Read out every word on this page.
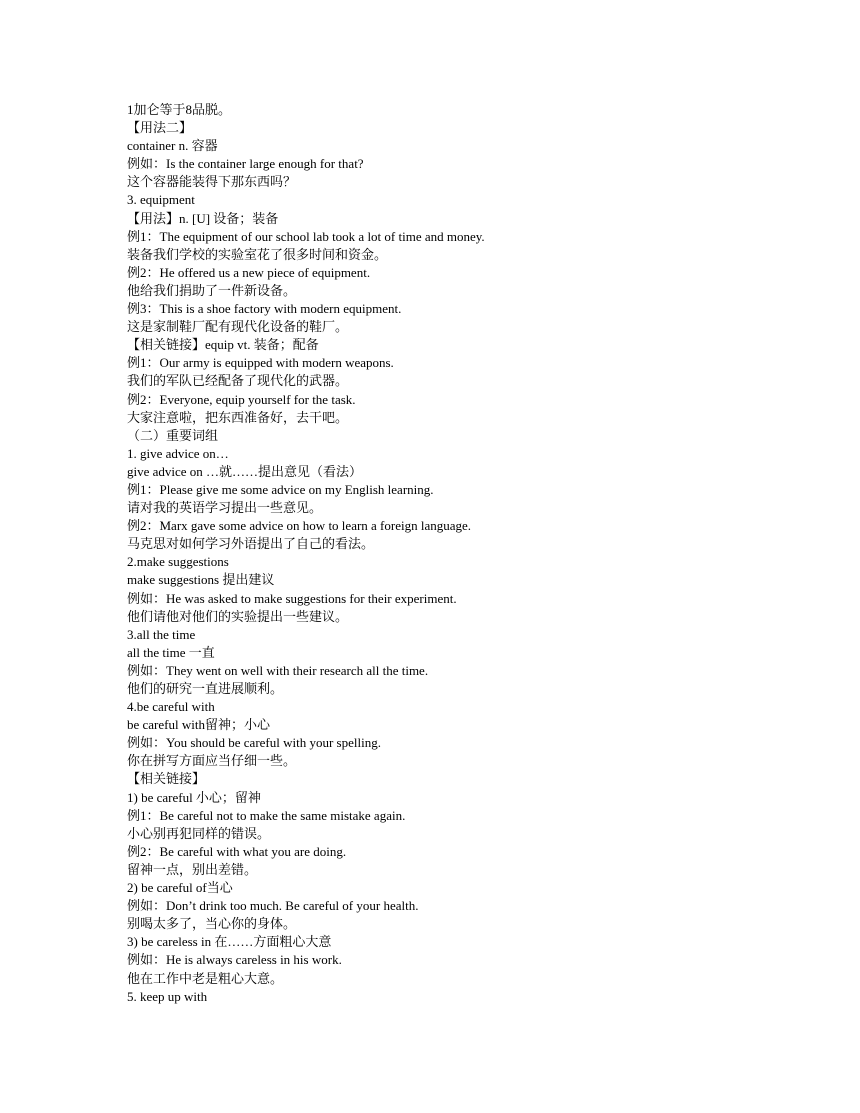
1加仑等于8品脱。
【用法二】
container n. 容器
例如：Is the container large enough for that?
这个容器能装得下那东西吗？
3. equipment
【用法】n. [U] 设备；装备
例1：The equipment of our school lab took a lot of time and money.
装备我们学校的实验室花了很多时间和资金。
例2：He offered us a new piece of equipment.
他给我们捐助了一件新设备。
例3：This is a shoe factory with modern equipment.
这是家制鞋厂配有现代化设备的鞋厂。
【相关链接】equip vt. 装备；配备
例1：Our army is equipped with modern weapons.
我们的军队已经配备了现代化的武器。
例2：Everyone, equip yourself for the task.
大家注意啦，把东西准备好，去干吧。
（二）重要词组
1. give advice on…
give advice on …就……提出意见（看法）
例1：Please give me some advice on my English learning.
请对我的英语学习提出一些意见。
例2：Marx gave some advice on how to learn a foreign language.
马克思对如何学习外语提出了自己的看法。
2.make suggestions
make suggestions 提出建议
例如：He was asked to make suggestions for their experiment.
他们请他对他们的实验提出一些建议。
3.all the time
all the time 一直
例如：They went on well with their research all the time.
他们的研究一直进展顺利。
4.be careful with
be careful with留神；小心
例如：You should be careful with your spelling.
你在拼写方面应当仔细一些。
【相关链接】
1) be careful 小心；留神
例1：Be careful not to make the same mistake again.
小心别再犯同样的错误。
例2：Be careful with what you are doing.
留神一点，别出差错。
2) be careful of当心
例如：Don’t drink too much. Be careful of your health.
别喝太多了，当心你的身体。
3) be careless in 在……方面粗心大意
例如：He is always careless in his work.
他在工作中老是粗心大意。
5. keep up with
